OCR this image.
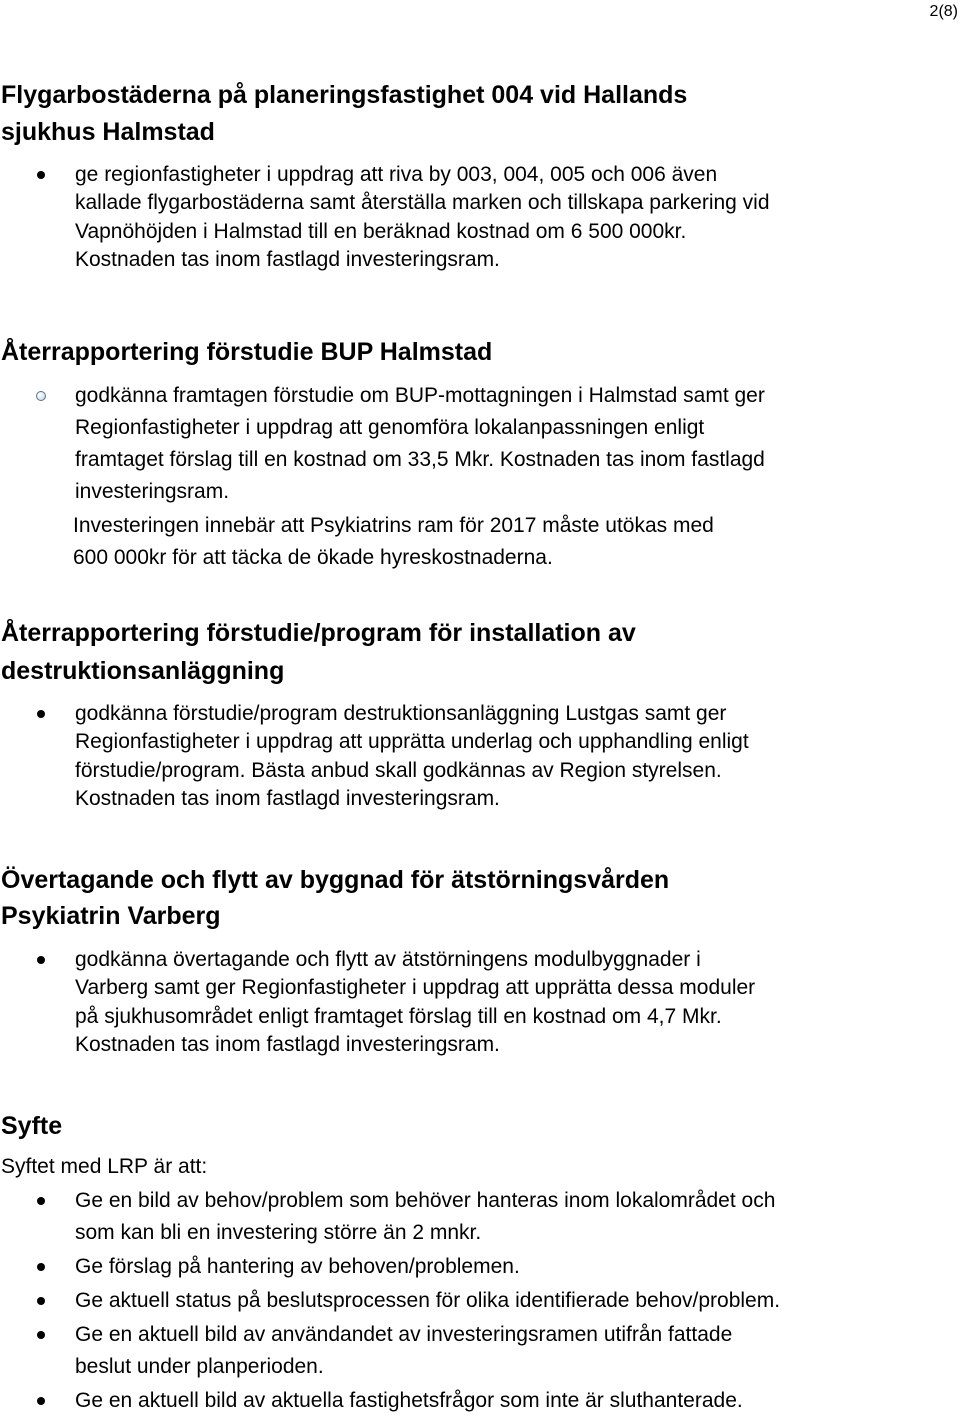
2(8)
Flygarbostäderna på planeringsfastighet 004 vid Hallands
sjukhus Halmstad
ge regionfastigheter i uppdrag att riva by 003, 004, 005 och 006 även
kallade flygarbostäderna samt återställa marken och tillskapa parkering vid
Vapnöhöjden i Halmstad till en beräknad kostnad om 6 500 000kr.
Kostnaden tas inom fastlagd investeringsram.
Återrapportering förstudie BUP Halmstad
godkänna framtagen förstudie om BUP-mottagningen i Halmstad samt ger
Regionfastigheter i uppdrag att genomföra lokalanpassningen enligt
framtaget förslag till en kostnad om 33,5 Mkr. Kostnaden tas inom fastlagd
investeringsram.
Investeringen innebär att Psykiatrins ram för 2017 måste utökas med
600 000kr för att täcka de ökade hyreskostnaderna.
Återrapportering förstudie/program för installation av
destruktionsanläggning
godkänna förstudie/program destruktionsanläggning Lustgas samt ger
Regionfastigheter i uppdrag att upprätta underlag och upphandling enligt
förstudie/program. Bästa anbud skall godkännas av Region styrelsen.
Kostnaden tas inom fastlagd investeringsram.
Övertagande och flytt av byggnad för ätstörningsvården
Psykiatrin Varberg
godkänna övertagande och flytt av ätstörningens modulbyggnader i
Varberg samt ger Regionfastigheter i uppdrag att upprätta dessa moduler
på sjukhusområdet enligt framtaget förslag till en kostnad om 4,7 Mkr.
Kostnaden tas inom fastlagd investeringsram.
Syfte
Syftet med LRP är att:
Ge en bild av behov/problem som behöver hanteras inom lokalområdet och
som kan bli en investering större än 2 mnkr.
Ge förslag på hantering av behoven/problemen.
Ge aktuell status på beslutsprocessen för olika identifierade behov/problem.
Ge en aktuell bild av användandet av investeringsramen utifrån fattade
beslut under planperioden.
Ge en aktuell bild av aktuella fastighetsfrågor som inte är sluthanterade.
